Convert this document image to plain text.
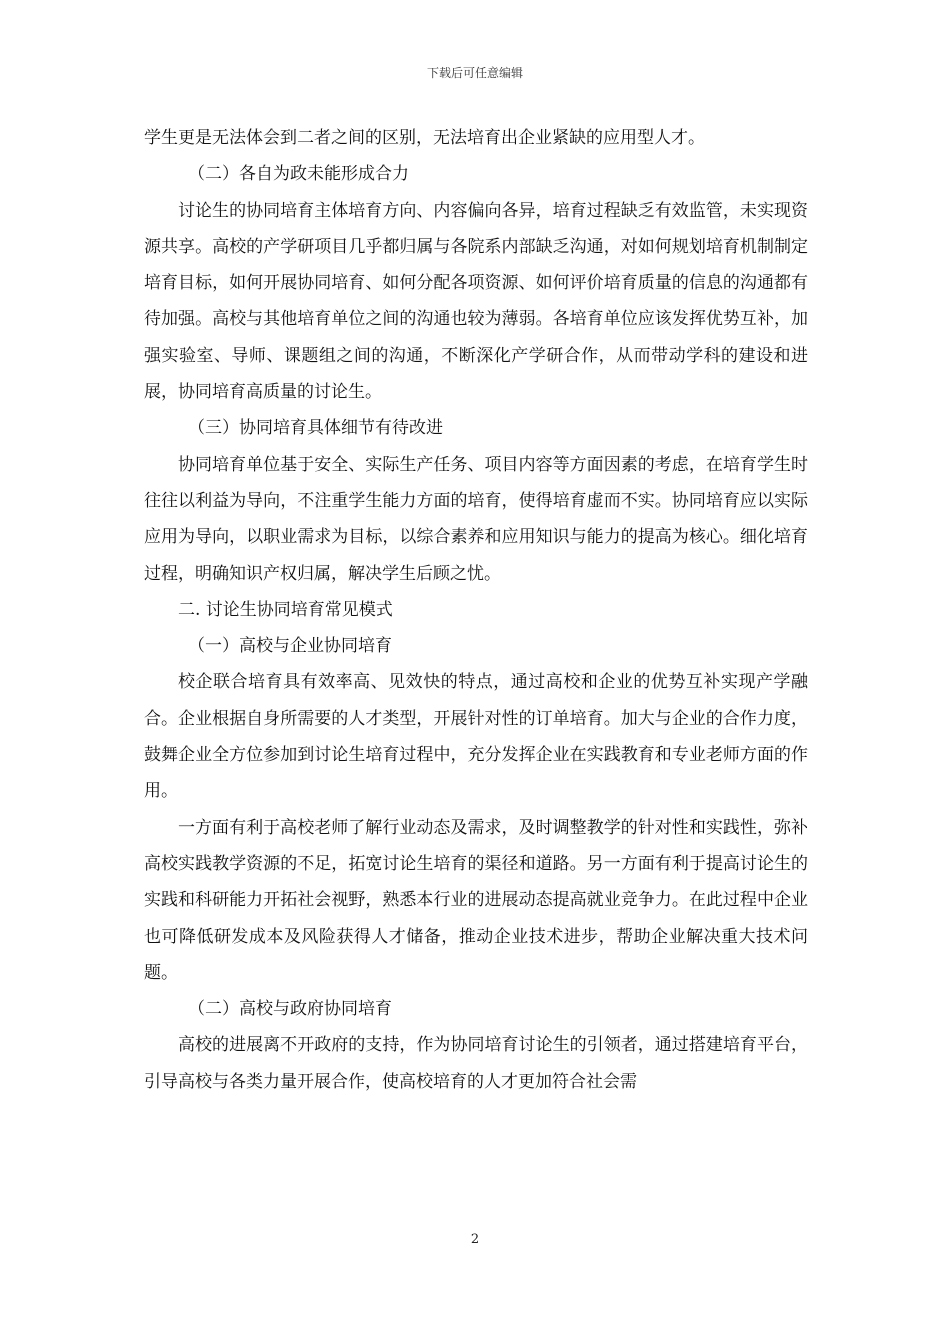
下载后可任意编辑

学生更是无法体会到二者之间的区别，无法培育出企业紧缺的应用型人才。

（二）各自为政未能形成合力

讨论生的协同培育主体培育方向、内容偏向各异，培育过程缺乏有效监管，未实现资源共享。高校的产学研项目几乎都归属与各院系内部缺乏沟通，对如何规划培育机制制定培育目标，如何开展协同培育、如何分配各项资源、如何评价培育质量的信息的沟通都有待加强。高校与其他培育单位之间的沟通也较为薄弱。各培育单位应该发挥优势互补，加强实验室、导师、课题组之间的沟通，不断深化产学研合作，从而带动学科的建设和进展，协同培育高质量的讨论生。

（三）协同培育具体细节有待改进

协同培育单位基于安全、实际生产任务、项目内容等方面因素的考虑，在培育学生时往往以利益为导向，不注重学生能力方面的培育，使得培育虚而不实。协同培育应以实际应用为导向，以职业需求为目标，以综合素养和应用知识与能力的提高为核心。细化培育过程，明确知识产权归属，解决学生后顾之忧。

二. 讨论生协同培育常见模式

（一）高校与企业协同培育

校企联合培育具有效率高、见效快的特点，通过高校和企业的优势互补实现产学融合。企业根据自身所需要的人才类型，开展针对性的订单培育。加大与企业的合作力度，鼓舞企业全方位参加到讨论生培育过程中，充分发挥企业在实践教育和专业老师方面的作用。

一方面有利于高校老师了解行业动态及需求，及时调整教学的针对性和实践性，弥补高校实践教学资源的不足，拓宽讨论生培育的渠径和道路。另一方面有利于提高讨论生的实践和科研能力开拓社会视野，熟悉本行业的进展动态提高就业竞争力。在此过程中企业也可降低研发成本及风险获得人才储备，推动企业技术进步，帮助企业解决重大技术问题。

（二）高校与政府协同培育

高校的进展离不开政府的支持，作为协同培育讨论生的引领者，通过搭建培育平台，引导高校与各类力量开展合作，使高校培育的人才更加符合社会需

2
